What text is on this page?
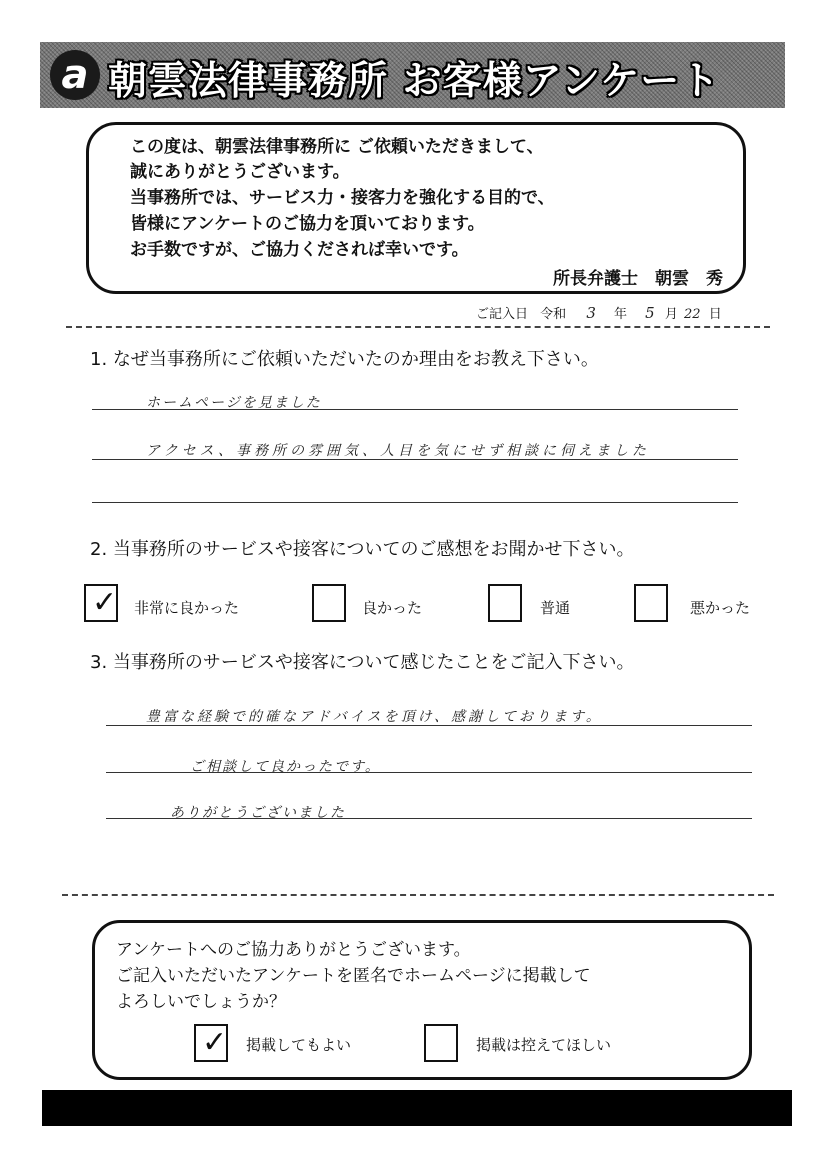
a 朝雲法律事務所 お客様アンケート
この度は、朝雲法律事務所に ご依頼いただきまして、
誠にありがとうございます。
当事務所では、サービス力・接客力を強化する目的で、
皆様にアンケートのご協力を頂いております。
お手数ですが、ご協力くだされば幸いです。
所長弁護士　朝雲　秀
ご記入日 令和 3 年 5 月 22 日
1. なぜ当事務所にご依頼いただいたのか理由をお教え下さい。
ホームページを見ました
アクセス、事務所の雰囲気、人目を気にせず相談に伺えました
2. 当事務所のサービスや接客についてのご感想をお聞かせ下さい。
✓ 非常に良かった	良かった	普通	悪かった
3. 当事務所のサービスや接客について感じたことをご記入下さい。
豊富な経験で的確なアドバイスを頂け、感謝しております。
ご相談して良かったです。
ありがとうございました
アンケートへのご協力ありがとうございます。
ご記入いただいたアンケートを匿名でホームページに掲載して
よろしいでしょうか？
✓ 掲載してもよい	掲載は控えてほしい
